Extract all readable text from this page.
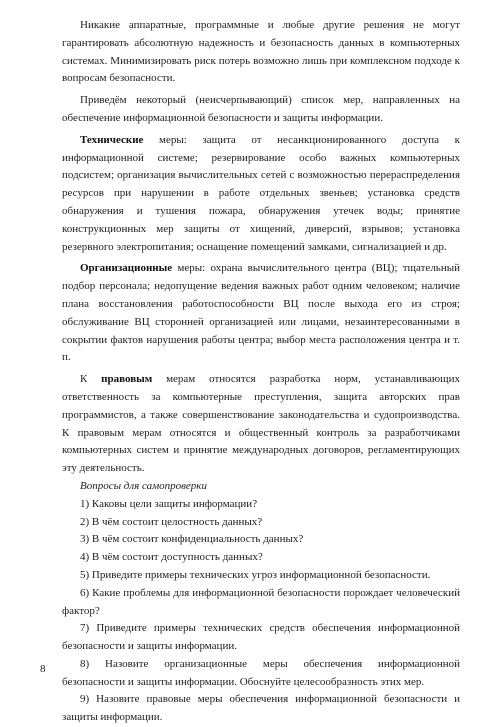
Никакие аппаратные, программные и любые другие решения не могут гарантировать абсолютную надежность и безопасность данных в компьютерных системах. Минимизировать риск потерь возможно лишь при комплексном подходе к вопросам безопасности.

Приведём некоторый (неисчерпывающий) список мер, направленных на обеспечение информационной безопасности и защиты информации.

Технические меры: защита от несанкционированного доступа к информационной системе; резервирование особо важных компьютерных подсистем; организация вычислительных сетей с возможностью перераспределения ресурсов при нарушении в работе отдельных звеньев; установка средств обнаружения и тушения пожара, обнаружения утечек воды; принятие конструкционных мер защиты от хищений, диверсий, взрывов; установка резервного электропитания; оснащение помещений замками, сигнализацией и др.

Организационные меры: охрана вычислительного центра (ВЦ); тщательный подбор персонала; недопущение ведения важных работ одним человеком; наличие плана восстановления работоспособности ВЦ после выхода его из строя; обслуживание ВЦ сторонней организацией или лицами, незаинтересованными в сокрытии фактов нарушения работы центра; выбор места расположения центра и т. п.

К правовым мерам относятся разработка норм, устанавливающих ответственность за компьютерные преступления, защита авторских прав программистов, а также совершенствование законодательства и судопроизводства. К правовым мерам относятся и общественный контроль за разработчиками компьютерных систем и принятие международных договоров, регламентирующих эту деятельность.

Вопросы для самопроверки

1) Каковы цели защиты информации?

2) В чём состоит целостность данных?

3) В чём состоит конфиденциальность данных?

4) В чём состоит доступность данных?

5) Приведите примеры технических угроз информационной безопасности.

6) Какие проблемы для информационной безопасности порождает человеческий фактор?

7) Приведите примеры технических средств обеспечения информационной безопасности и защиты информации.

8) Назовите организационные меры обеспечения информационной безопасности и защиты информации. Обоснуйте целесообразность этих мер.

9) Назовите правовые меры обеспечения информационной безопасности и защиты информации.

8
